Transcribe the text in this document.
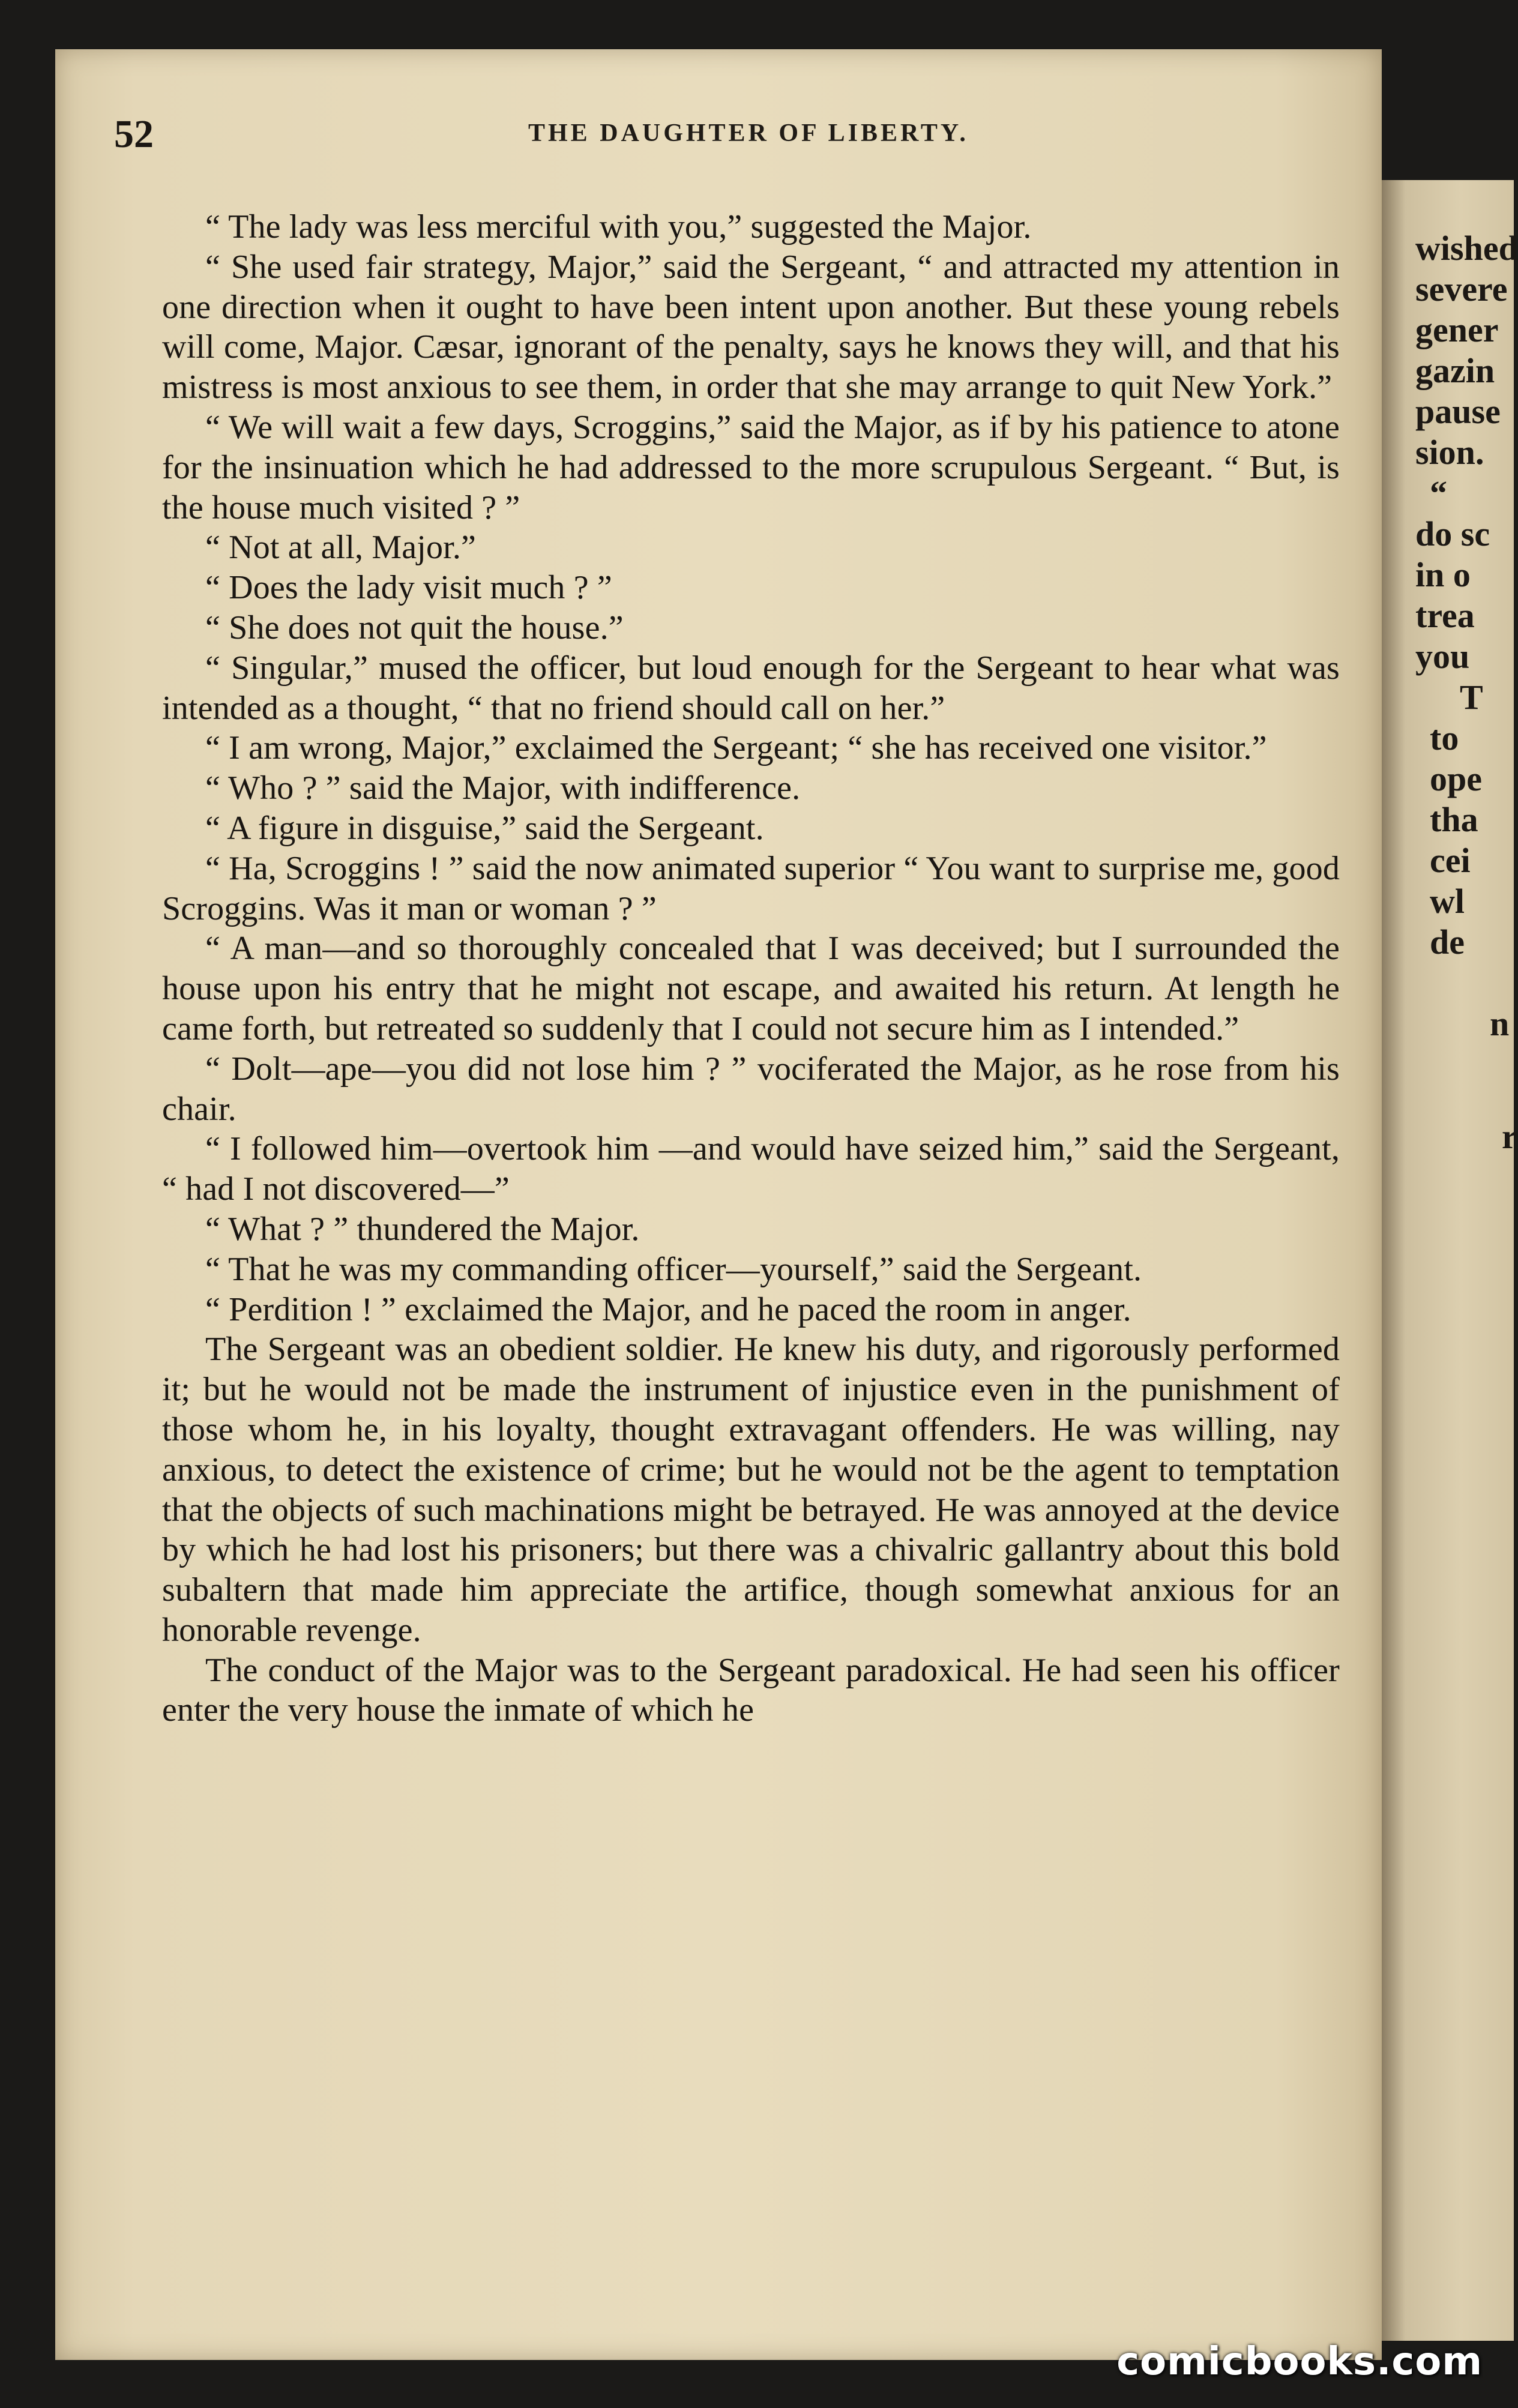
52	THE DAUGHTER OF LIBERTY.

“ The lady was less merciful with you,” suggested the Major.

“ She used fair strategy, Major,” said the Sergeant, “ and attracted my attention in one direction when it ought to have been intent upon another. But these young rebels will come, Major. Cæsar, ignorant of the penalty, says he knows they will, and that his mistress is most anxious to see them, in order that she may arrange to quit New York.”

“ We will wait a few days, Scroggins,” said the Major, as if by his patience to atone for the insinuation which he had addressed to the more scrupulous Sergeant. “ But, is the house much visited ? ”

“ Not at all, Major.”

“ Does the lady visit much ? ”

“ She does not quit the house.”

“ Singular,” mused the officer, but loud enough for the Sergeant to hear what was intended as a thought, “ that no friend should call on her.”

“ I am wrong, Major,” exclaimed the Sergeant; “ she has received one visitor.”

“ Who ? ” said the Major, with indifference.

“ A figure in disguise,” said the Sergeant.

“ Ha, Scroggins ! ” said the now animated superior “ You want to surprise me, good Scroggins. Was it man or woman ? ”

“ A man—and so thoroughly concealed that I was deceived; but I surrounded the house upon his entry that he might not escape, and awaited his return. At length he came forth, but retreated so suddenly that I could not secure him as I intended.”

“ Dolt—ape—you did not lose him ? ” vociferated the Major, as he rose from his chair.

“ I followed him—overtook him —and would have seized him,” said the Sergeant, “ had I not discovered—”

“ What ? ” thundered the Major.

“ That he was my commanding officer—yourself,” said the Sergeant.

“ Perdition ! ” exclaimed the Major, and he paced the room in anger.

The Sergeant was an obedient soldier. He knew his duty, and rigorously performed it; but he would not be made the instrument of injustice even in the punishment of those whom he, in his loyalty, thought extravagant offenders. He was willing, nay anxious, to detect the existence of crime; but he would not be the agent to temptation that the objects of such machinations might be betrayed. He was annoyed at the device by which he had lost his prisoners; but there was a chivalric gallantry about this bold subaltern that made him appreciate the artifice, though somewhat anxious for an honorable revenge.

The conduct of the Major was to the Sergeant paradoxical. He had seen his officer enter the very house the inmate of which he

wished
severe
gener
gazin
pause
sion.
“
do sc
in o
trea
you
T
to
ope
tha
cei
wl
de
n
r
comicbooks.com
